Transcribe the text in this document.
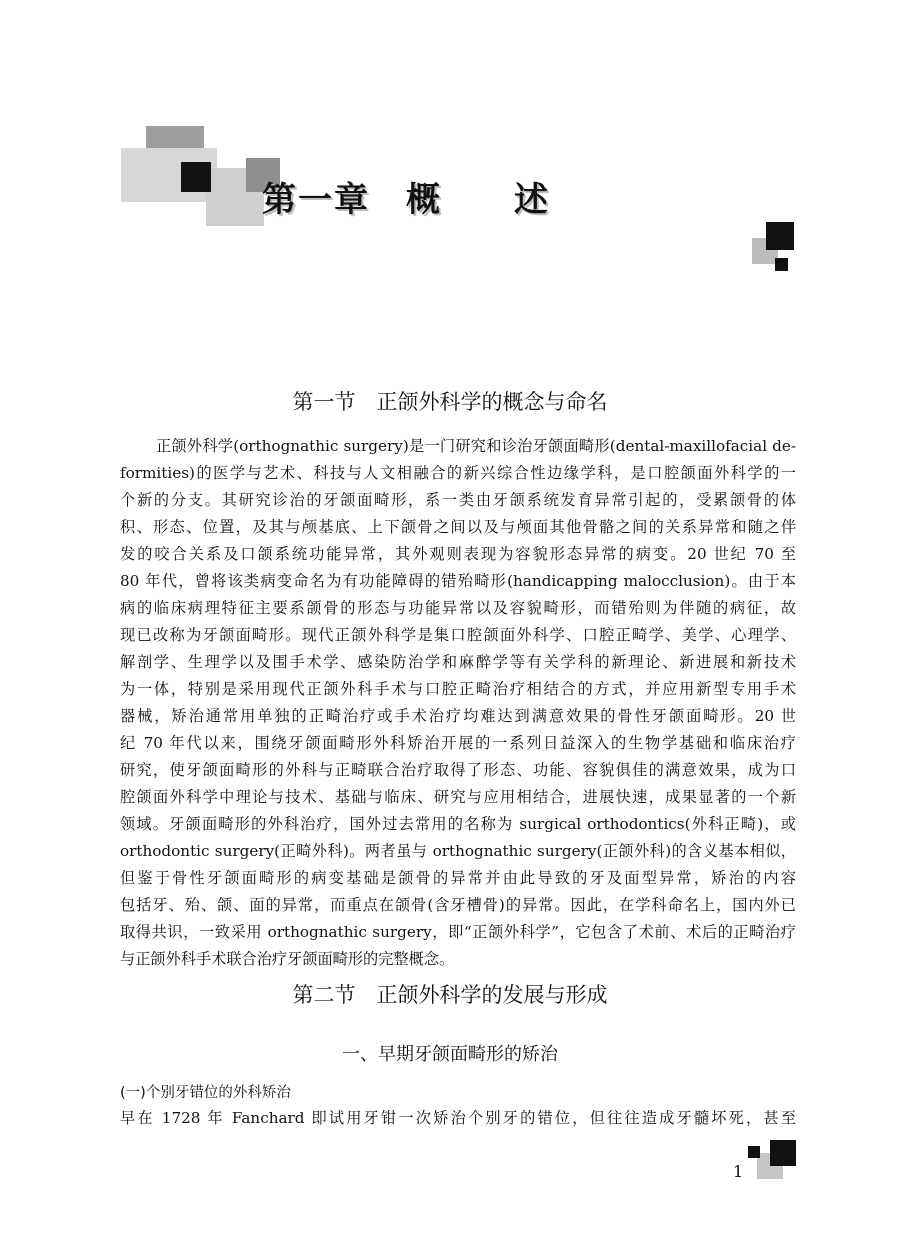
第一章　概　　述
第一节　正颌外科学的概念与命名
正颌外科学(orthognathic surgery)是一门研究和诊治牙颌面畸形(dental-maxillofacial de-
formities)的医学与艺术、科技与人文相融合的新兴综合性边缘学科，是口腔颌面外科学的一
个新的分支。其研究诊治的牙颌面畸形，系一类由牙颌系统发育异常引起的，受累颌骨的体
积、形态、位置，及其与颅基底、上下颌骨之间以及与颅面其他骨骼之间的关系异常和随之伴
发的咬合关系及口颌系统功能异常，其外观则表现为容貌形态异常的病变。20 世纪 70 至
80 年代，曾将该类病变命名为有功能障碍的错殆畸形(handicapping malocclusion)。由于本
病的临床病理特征主要系颌骨的形态与功能异常以及容貌畸形，而错殆则为伴随的病征，故
现已改称为牙颌面畸形。现代正颌外科学是集口腔颌面外科学、口腔正畸学、美学、心理学、
解剖学、生理学以及围手术学、感染防治学和麻醉学等有关学科的新理论、新进展和新技术
为一体，特别是采用现代正颌外科手术与口腔正畸治疗相结合的方式，并应用新型专用手术
器械，矫治通常用单独的正畸治疗或手术治疗均难达到满意效果的骨性牙颌面畸形。20 世
纪 70 年代以来，围绕牙颌面畸形外科矫治开展的一系列日益深入的生物学基础和临床治疗
研究，使牙颌面畸形的外科与正畸联合治疗取得了形态、功能、容貌俱佳的满意效果，成为口
腔颌面外科学中理论与技术、基础与临床、研究与应用相结合，进展快速，成果显著的一个新
领域。牙颌面畸形的外科治疗，国外过去常用的名称为 surgical orthodontics(外科正畸)，或
orthodontic surgery(正畸外科)。两者虽与 orthognathic surgery(正颌外科)的含义基本相似，
但鉴于骨性牙颌面畸形的病变基础是颌骨的异常并由此导致的牙及面型异常，矫治的内容
包括牙、殆、颌、面的异常，而重点在颌骨(含牙槽骨)的异常。因此，在学科命名上，国内外已
取得共识，一致采用 orthognathic surgery，即“正颌外科学”，它包含了术前、术后的正畸治疗
与正颌外科手术联合治疗牙颌面畸形的完整概念。
第二节　正颌外科学的发展与形成
一、早期牙颌面畸形的矫治
(一)个别牙错位的外科矫治
早在 1728 年 Fanchard 即试用牙钳一次矫治个别牙的错位，但往往造成牙髓坏死，甚至
1
